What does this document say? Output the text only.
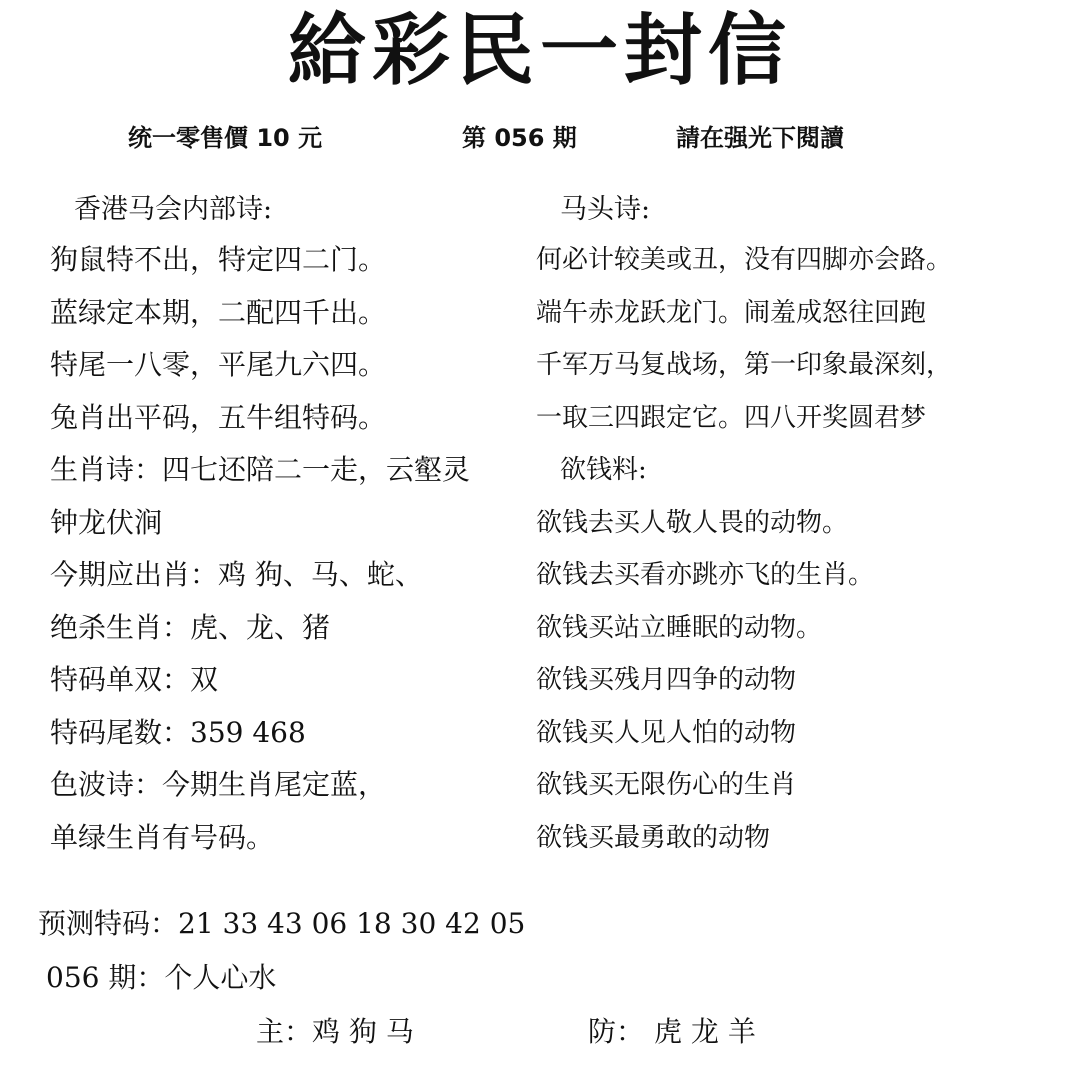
給彩民一封信
统一零售價 10 元	第 056 期	請在强光下閱讀
香港马会内部诗:
狗鼠特不出，特定四二门。
蓝绿定本期，二配四千出。
特尾一八零，平尾九六四。
兔肖出平码，五牛组特码。
生肖诗：四七还陪二一走，云壑灵
钟龙伏涧
今期应出肖：鸡 狗、马、蛇、
绝杀生肖：虎、龙、猪
特码单双：双
特码尾数：359 468
色波诗：今期生肖尾定蓝，
单绿生肖有号码。
马头诗:
何必计较美或丑，没有四脚亦会路。
端午赤龙跃龙门。闹羞成怒往回跑
千军万马复战场，第一印象最深刻，
一取三四跟定它。四八开奖圆君梦
欲钱料:
欲钱去买人敬人畏的动物。
欲钱去买看亦跳亦飞的生肖。
欲钱买站立睡眠的动物。
欲钱买残月四争的动物
欲钱买人见人怕的动物
欲钱买无限伤心的生肖
欲钱买最勇敢的动物
预测特码：21 33 43 06 18 30 42 05
056 期：个人心水
主：鸡 狗 马	防： 虎 龙 羊
